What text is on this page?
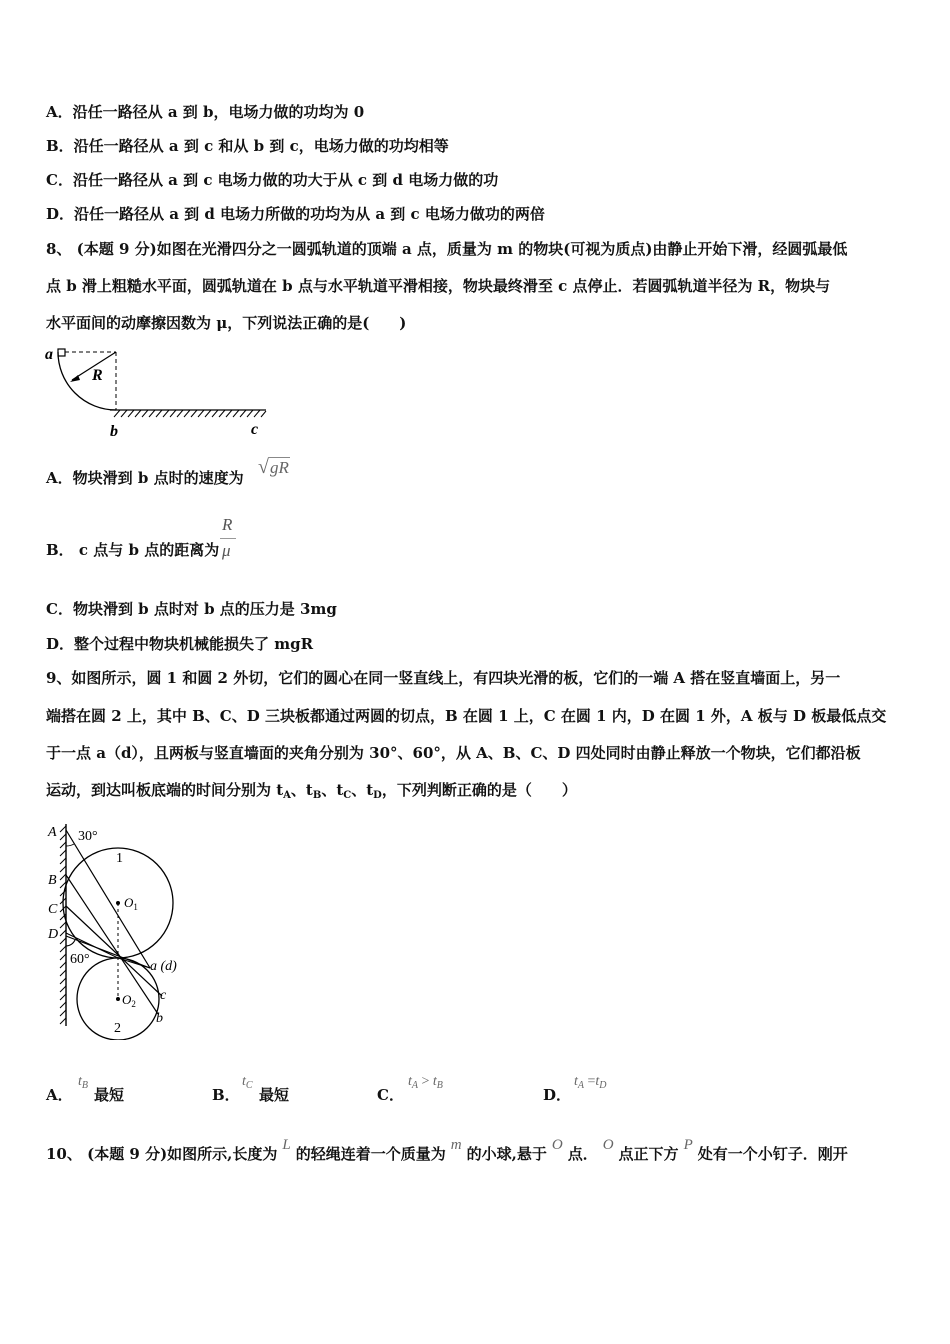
A．沿任一路径从 a 到 b，电场力做的功均为 0
B．沿任一路径从 a 到 c 和从 b 到 c，电场力做的功均相等
C．沿任一路径从 a 到 c 电场力做的功大于从 c 到 d 电场力做的功
D．沿任一路径从 a 到 d 电场力所做的功均为从 a 到 c 电场力做功的两倍
8、 (本题 9 分)如图在光滑四分之一圆弧轨道的顶端 a 点，质量为 m 的物块(可视为质点)由静止开始下滑，经圆弧最低
点 b 滑上粗糙水平面，圆弧轨道在 b 点与水平轨道平滑相接，物块最终滑至 c 点停止．若圆弧轨道半径为 R，物块与
水平面间的动摩擦因数为 μ，下列说法正确的是(　　)
a
R
b	c
A．物块滑到 b 点时的速度为 √gR
B． c 点与 b 点的距离为
R
μ
C．物块滑到 b 点时对 b 点的压力是 3mg
D．整个过程中物块机械能损失了 mgR
9、如图所示，圆 1 和圆 2 外切，它们的圆心在同一竖直线上，有四块光滑的板，它们的一端 A 搭在竖直墙面上，另一
端搭在圆 2 上，其中 B、C、D 三块板都通过两圆的切点，B 在圆 1 上，C 在圆 1 内，D 在圆 1 外，A 板与 D 板最低点交
于一点 a（d），且两板与竖直墙面的夹角分别为 30°、60°，从 A、B、C、D 四处同时由静止释放一个物块，它们都沿板
运动，到达叫板底端的时间分别为 $t_A$、$t_B$、$t_C$、$t_D$，下列判断正确的是（　　）
A 30°
1
B
$O_1$
C
D
60°	a (d)
$O_2$
c
b
2
A．
$t_B$
最短	B．
$t_C$
最短	C．
$t_A > t_B$
D．
$t_A =t_D$
10、 (本题 9 分)如图所示,长度为 L 的轻绳连着一个质量为 m 的小球,悬于 O 点． O 点正下方 P 处有一个小钉子．刚开
